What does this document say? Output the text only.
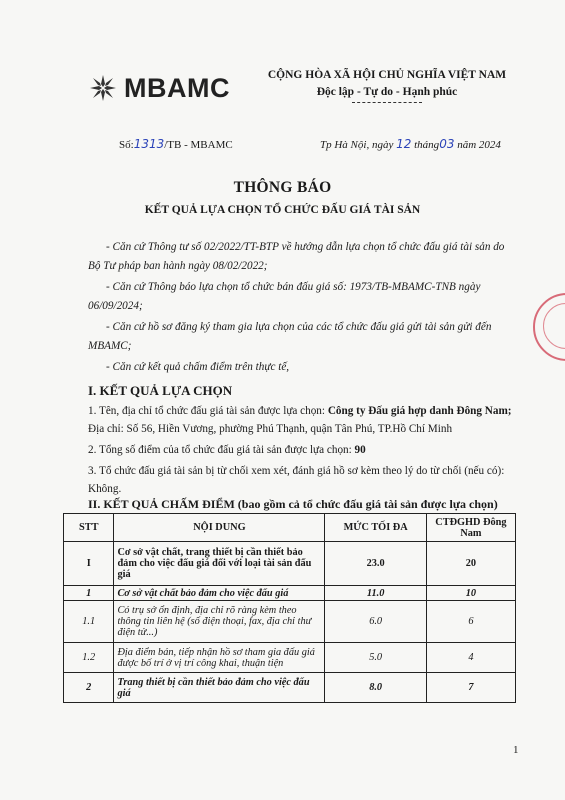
MBAMC	CỘNG HÒA XÃ HỘI CHỦ NGHĨA VIỆT NAM
Độc lập - Tự do - Hạnh phúc
Số:1313/TB - MBAMC	Tp Hà Nội, ngày 12 tháng03 năm 2024
THÔNG BÁO
KẾT QUẢ LỰA CHỌN TỔ CHỨC ĐẤU GIÁ TÀI SẢN

- Căn cứ Thông tư số 02/2022/TT-BTP về hướng dẫn lựa chọn tổ chức đấu giá tài sản do Bộ Tư pháp ban hành ngày 08/02/2022;

- Căn cứ Thông báo lựa chọn tổ chức bán đấu giá số: 1973/TB-MBAMC-TNB ngày 06/09/2024;

- Căn cứ hồ sơ đăng ký tham gia lựa chọn của các tổ chức đấu giá gửi tài sản gửi đến MBAMC;

- Căn cứ kết quả chấm điểm trên thực tế,

I. KẾT QUẢ LỰA CHỌN

1. Tên, địa chỉ tổ chức đấu giá tài sản được lựa chọn: Công ty Đấu giá hợp danh Đông Nam; Địa chỉ: Số 56, Hiền Vương, phường Phú Thạnh, quận Tân Phú, TP.Hồ Chí Minh

2. Tổng số điểm của tổ chức đấu giá tài sản được lựa chọn: 90

3. Tổ chức đấu giá tài sản bị từ chối xem xét, đánh giá hồ sơ kèm theo lý do từ chối (nếu có): Không.

II. KẾT QUẢ CHẤM ĐIỂM (bao gồm cả tổ chức đấu giá tài sản được lựa chọn)
STT	NỘI DUNG	MỨC TỐI ĐA	CTĐGHD Đông Nam
I	Cơ sở vật chất, trang thiết bị cần thiết bảo đảm cho việc đấu giá đối với loại tài sản đấu giá	23.0	20
1	Cơ sở vật chất bảo đảm cho việc đấu giá	11.0	10
1.1	Có trụ sở ổn định, địa chỉ rõ ràng kèm theo thông tin liên hệ (số điện thoại, fax, địa chỉ thư điện tử...)	6.0	6
1.2	Địa điểm bán, tiếp nhận hồ sơ tham gia đấu giá được bố trí ở vị trí công khai, thuận tiện	5.0	4
2	Trang thiết bị cần thiết bảo đảm cho việc đấu giá	8.0	7
1
